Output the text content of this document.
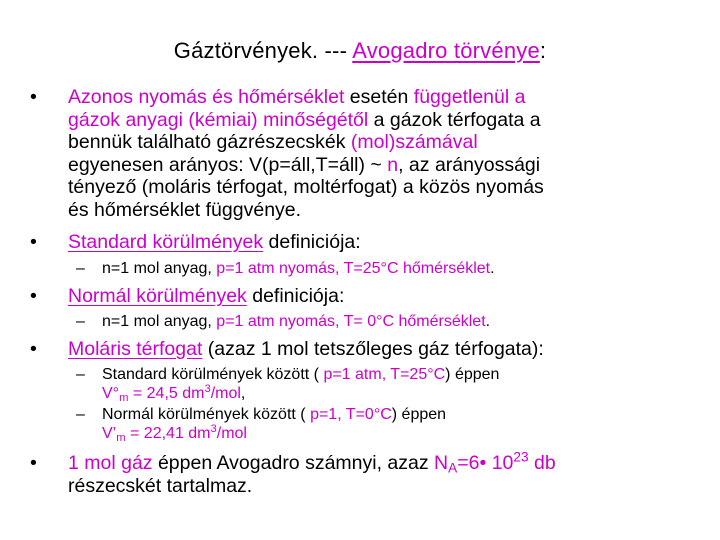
Gáztörvények. --- Avogadro törvénye:
• Azonos nyomás és hőmérséklet esetén függetlenül a
gázok anyagi (kémiai) minőségétől a gázok térfogata a
bennük található gázrészecskék (mol)számával
egyenesen arányos: V(p=áll,T=áll) ~ n, az arányossági
tényező (moláris térfogat, moltérfogat) a közös nyomás
és hőmérséklet függvénye.
• Standard körülmények definiciója:
– n=1 mol anyag, p=1 atm nyomás, T=25°C hőmérséklet.
• Normál körülmények definiciója:
– n=1 mol anyag, p=1 atm nyomás, T= 0°C hőmérséklet.
• Moláris térfogat (azaz 1 mol tetszőleges gáz térfogata):
– Standard körülmények között ( p=1 atm, T=25°C) éppen
$V^\circ_m = 24,5$ $dm^3$/mol,
– Normál körülmények között ( p=1, T=0°C) éppen
$V’_m = 22,41$ $dm^3$/mol
• 1 mol gáz éppen Avogadro számnyi, azaz $N_A=6•$ $10^{23}$ db
részecskét tartalmaz.
